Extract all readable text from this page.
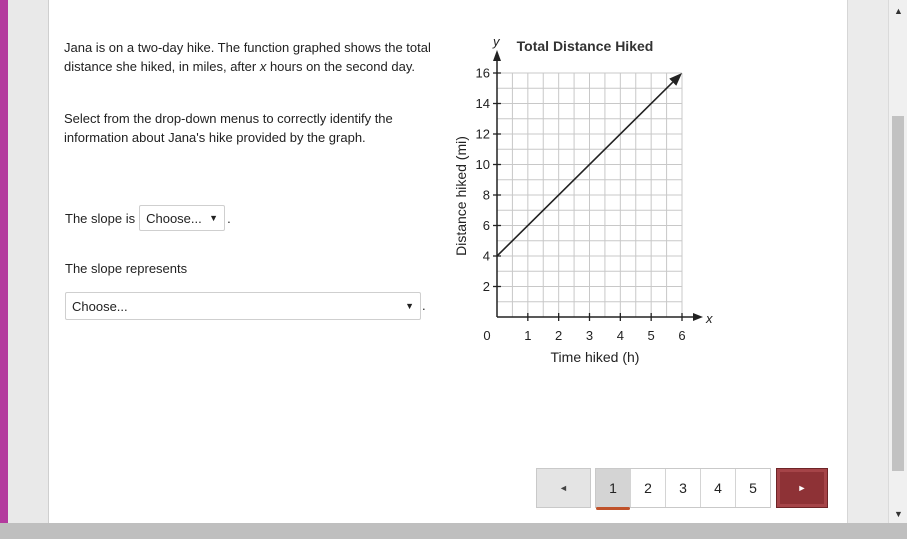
▲
▼

Jana is on a two-day hike. The function graphed shows the total distance she hiked, in miles, after x hours on the second day.

Select from the drop-down menus to correctly identify the information about Jana's hike provided by the graph.

The slope is Choose... ▼ .
The slope represents
Choose...	▼ .
1 2 3 4 5 6
2
4
6
8
10
12
14
16
Total Distance Hiked
Time hiked (h)
Distance hiked (mi)
x
y
0
◄	1	2	3	4	5	►
